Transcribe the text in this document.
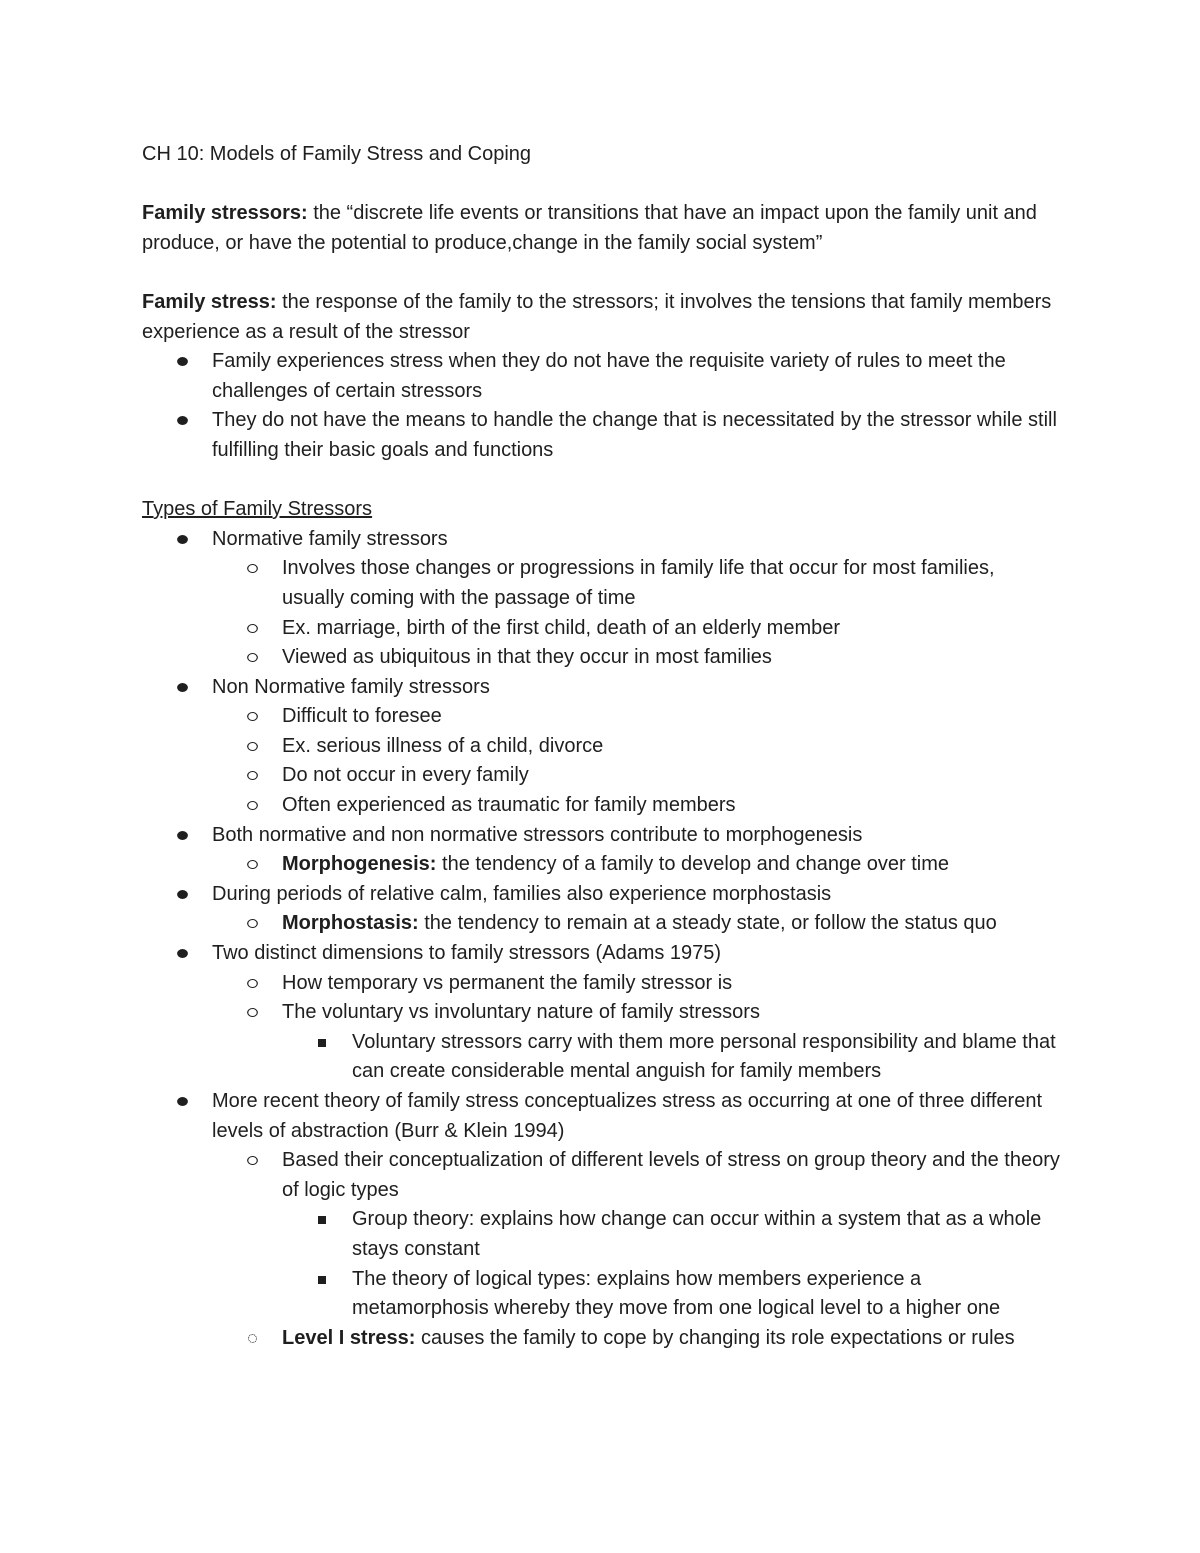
CH 10: Models of Family Stress and Coping

Family stressors: the “discrete life events or transitions that have an impact upon the family unit and produce, or have the potential to produce,change in the family social system”

Family stress: the response of the family to the stressors; it involves the tensions that family members experience as a result of the stressor

Family experiences stress when they do not have the requisite variety of rules to meet the challenges of certain stressors
They do not have the means to handle the change that is necessitated by the stressor while still fulfilling their basic goals and functions

Types of Family Stressors

Normative family stressors
Involves those changes or progressions in family life that occur for most families, usually coming with the passage of time
Ex. marriage, birth of the first child, death of an elderly member
Viewed as ubiquitous in that they occur in most families
Non Normative family stressors
Difficult to foresee
Ex. serious illness of a child, divorce
Do not occur in every family
Often experienced as traumatic for family members
Both normative and non normative stressors contribute to morphogenesis
Morphogenesis: the tendency of a family to develop and change over time
During periods of relative calm, families also experience morphostasis
Morphostasis: the tendency to remain at a steady state, or follow the status quo
Two distinct dimensions to family stressors (Adams 1975)
How temporary vs permanent the family stressor is
The voluntary vs involuntary nature of family stressors
Voluntary stressors carry with them more personal responsibility and blame that can create considerable mental anguish for family members
More recent theory of family stress conceptualizes stress as occurring at one of three different levels of abstraction (Burr & Klein 1994)
Based their conceptualization of different levels of stress on group theory and the theory of logic types
Group theory: explains how change can occur within a system that as a whole stays constant
The theory of logical types: explains how members experience a metamorphosis whereby they move from one logical level to a higher one
Level I stress: causes the family to cope by changing its role expectations or rules
